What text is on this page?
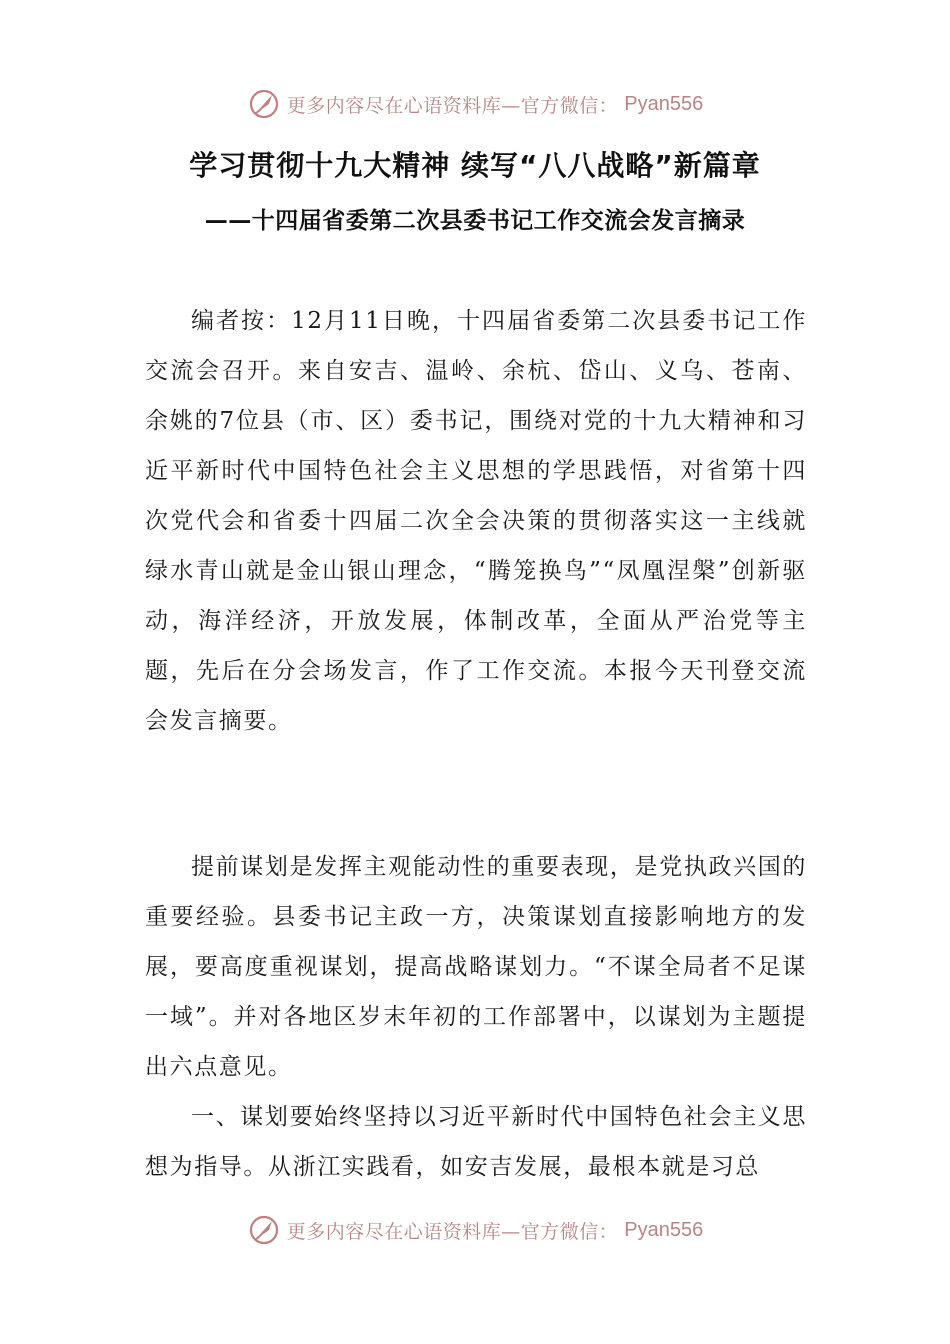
更多内容尽在心语资料库—官方微信： Pyan556
学习贯彻十九大精神 续写“八八战略”新篇章
——十四届省委第二次县委书记工作交流会发言摘录

编者按：12月11日晚，十四届省委第二次县委书记工作交流会召开。来自安吉、温岭、余杭、岱山、义乌、苍南、余姚的7位县（市、区）委书记，围绕对党的十九大精神和习近平新时代中国特色社会主义思想的学思践悟，对省第十四次党代会和省委十四届二次全会决策的贯彻落实这一主线就绿水青山就是金山银山理念，“腾笼换鸟”“凤凰涅槃”创新驱动，海洋经济，开放发展，体制改革，全面从严治党等主题，先后在分会场发言，作了工作交流。本报今天刊登交流会发言摘要。

提前谋划是发挥主观能动性的重要表现，是党执政兴国的重要经验。县委书记主政一方，决策谋划直接影响地方的发展，要高度重视谋划，提高战略谋划力。“不谋全局者不足谋一域”。并对各地区岁末年初的工作部署中，以谋划为主题提出六点意见。

一、谋划要始终坚持以习近平新时代中国特色社会主义思想为指导。从浙江实践看，如安吉发展，最根本就是习总

更多内容尽在心语资料库—官方微信： Pyan556
